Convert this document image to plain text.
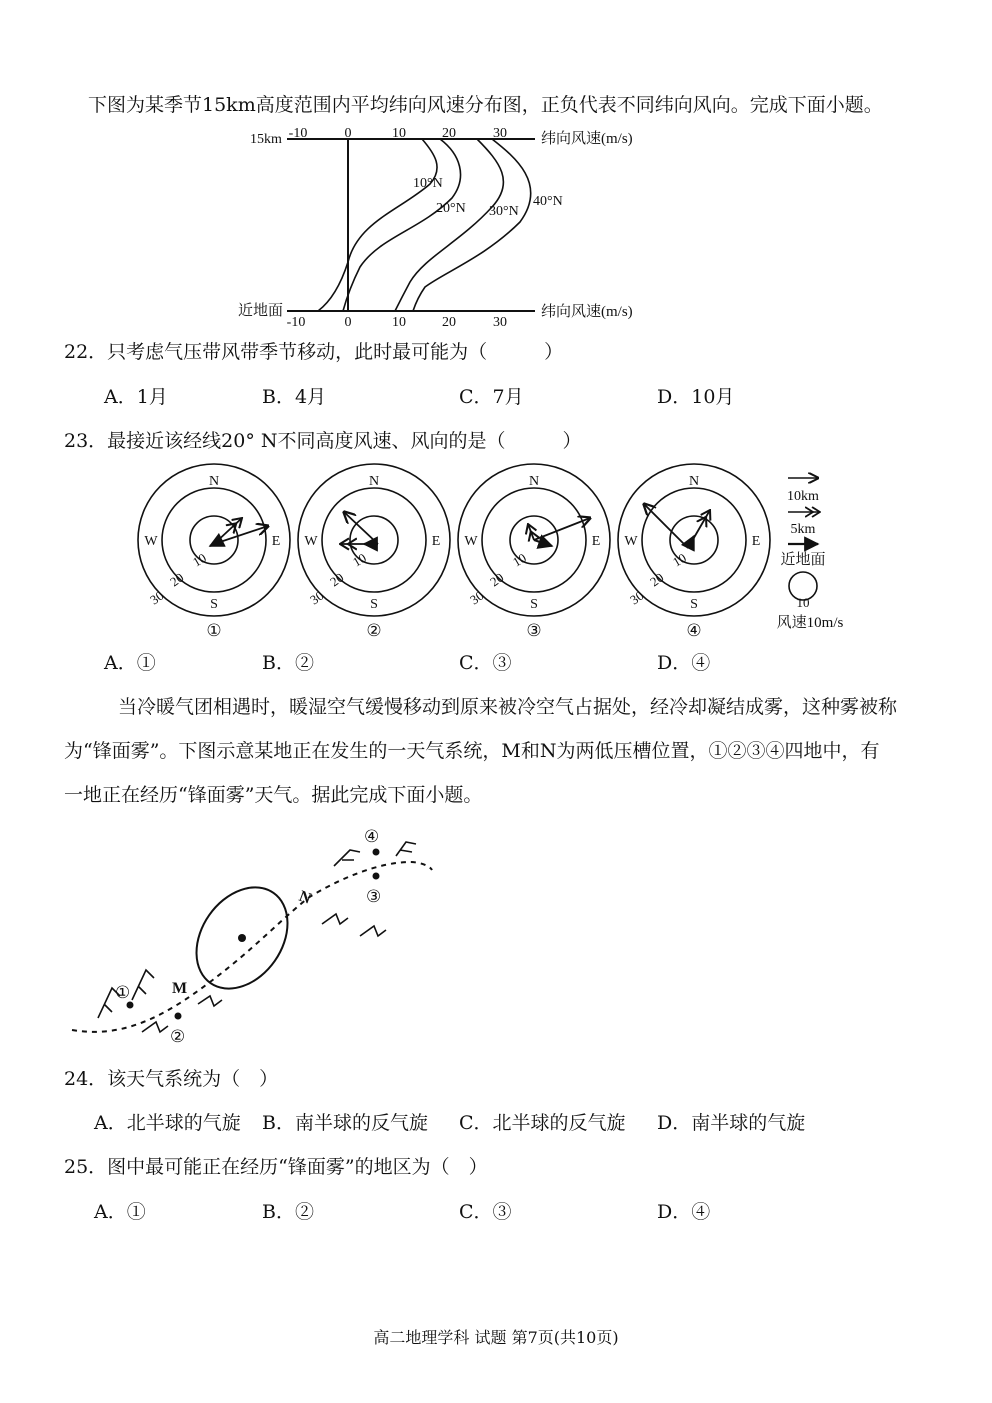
下图为某季节15km高度范围内平均纬向风速分布图，正负代表不同纬向风向。完成下面小题。
15km
近地面
纬向风速(m/s)
纬向风速(m/s)
-10	0	10	20	30
-10	0	10	20	30
10°N
20°N 30°N
40°N
22．只考虑气压带风带季节移动，此时最可能为（　　　）
A．1月	B．4月	C．7月	D．10月
23．最接近该经线20° N不同高度风速、风向的是（　　　）
N
S
W	E
10
20
30
①
N
S
W	E
10
20
30
②
N
S
W	E
10
20
30
③
N
S
W	E
10
20
30
④
10km
5km
近地面
10
风速10m/s
A．①	B．②	C．③	D．④
当冷暖气团相遇时，暖湿空气缓慢移动到原来被冷空气占据处，经冷却凝结成雾，这种雾被称
为“锋面雾”。下图示意某地正在发生的一天气系统，M和N为两低压槽位置，①②③④四地中，有
一地正在经历“锋面雾”天气。据此完成下面小题。
M
N
①
②
③
④
24．该天气系统为（　）
A．北半球的气旋 B．南半球的反气旋 C．北半球的反气旋 D．南半球的气旋
25．图中最可能正在经历“锋面雾”的地区为（　）
A．①	B．②	C．③	D．④
高二地理学科 试题 第7页(共10页)
